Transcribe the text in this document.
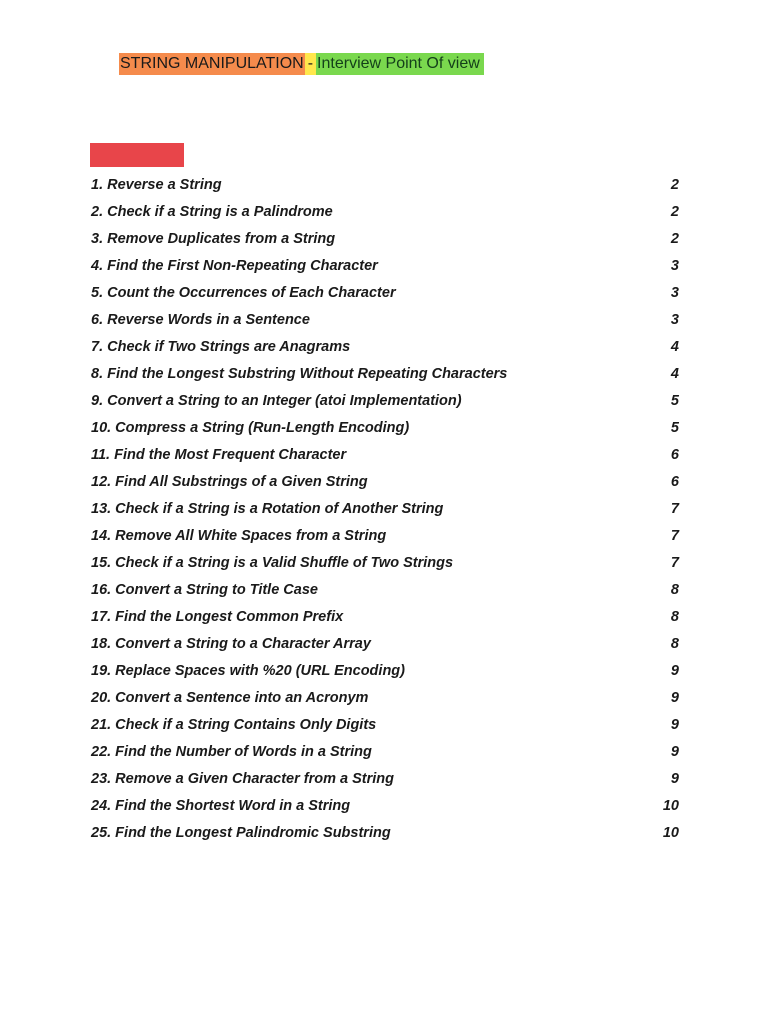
STRING MANIPULATION - Interview Point Of view
1. Reverse a String	2
2. Check if a String is a Palindrome	2
3. Remove Duplicates from a String	2
4. Find the First Non-Repeating Character	3
5. Count the Occurrences of Each Character	3
6. Reverse Words in a Sentence	3
7. Check if Two Strings are Anagrams	4
8. Find the Longest Substring Without Repeating Characters	4
9. Convert a String to an Integer (atoi Implementation)	5
10. Compress a String (Run-Length Encoding)	5
11. Find the Most Frequent Character	6
12. Find All Substrings of a Given String	6
13. Check if a String is a Rotation of Another String	7
14. Remove All White Spaces from a String	7
15. Check if a String is a Valid Shuffle of Two Strings	7
16. Convert a String to Title Case	8
17. Find the Longest Common Prefix	8
18. Convert a String to a Character Array	8
19. Replace Spaces with %20 (URL Encoding)	9
20. Convert a Sentence into an Acronym	9
21. Check if a String Contains Only Digits	9
22. Find the Number of Words in a String	9
23. Remove a Given Character from a String	9
24. Find the Shortest Word in a String	10
25. Find the Longest Palindromic Substring	10
